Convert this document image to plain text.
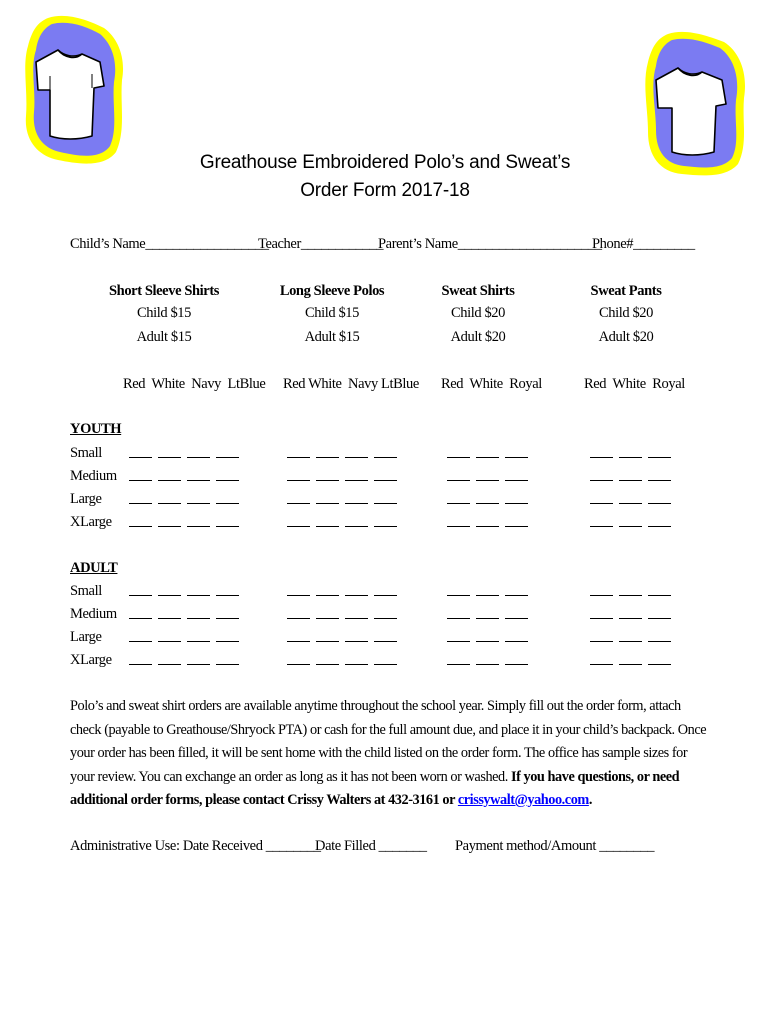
Greathouse Embroidered Polo’s and Sweat’s
Order Form 2017-18
Child’s Name__________________
Teacher____________
Parent’s Name_____________________
Phone#_________
Short Sleeve Shirts
Child $15
Adult $15
Long Sleeve Polos
Child $15
Adult $15
Sweat Shirts
Child $20
Adult $20
Sweat Pants
Child $20
Adult $20
Red  White  Navy  LtBlue Red White  Navy LtBlue Red  White  Royal	Red  White  Royal
YOUTH
Small
Medium
Large
XLarge
ADULT
Small
Medium
Large
XLarge
Polo’s and sweat shirt orders are available anytime throughout the school year. Simply fill out the order form, attach check (payable to Greathouse/Shryock PTA) or cash for the full amount due, and place it in your child’s backpack. Once your order has been filled, it will be sent home with the child listed on the order form. The office has sample sizes for your review. You can exchange an order as long as it has not been worn or washed. If you have questions, or need additional order forms, please contact Crissy Walters at 432-3161 or crissywalt@yahoo.com.
Administrative Use: Date Received ________
Date Filled _______ Payment method/Amount ________
